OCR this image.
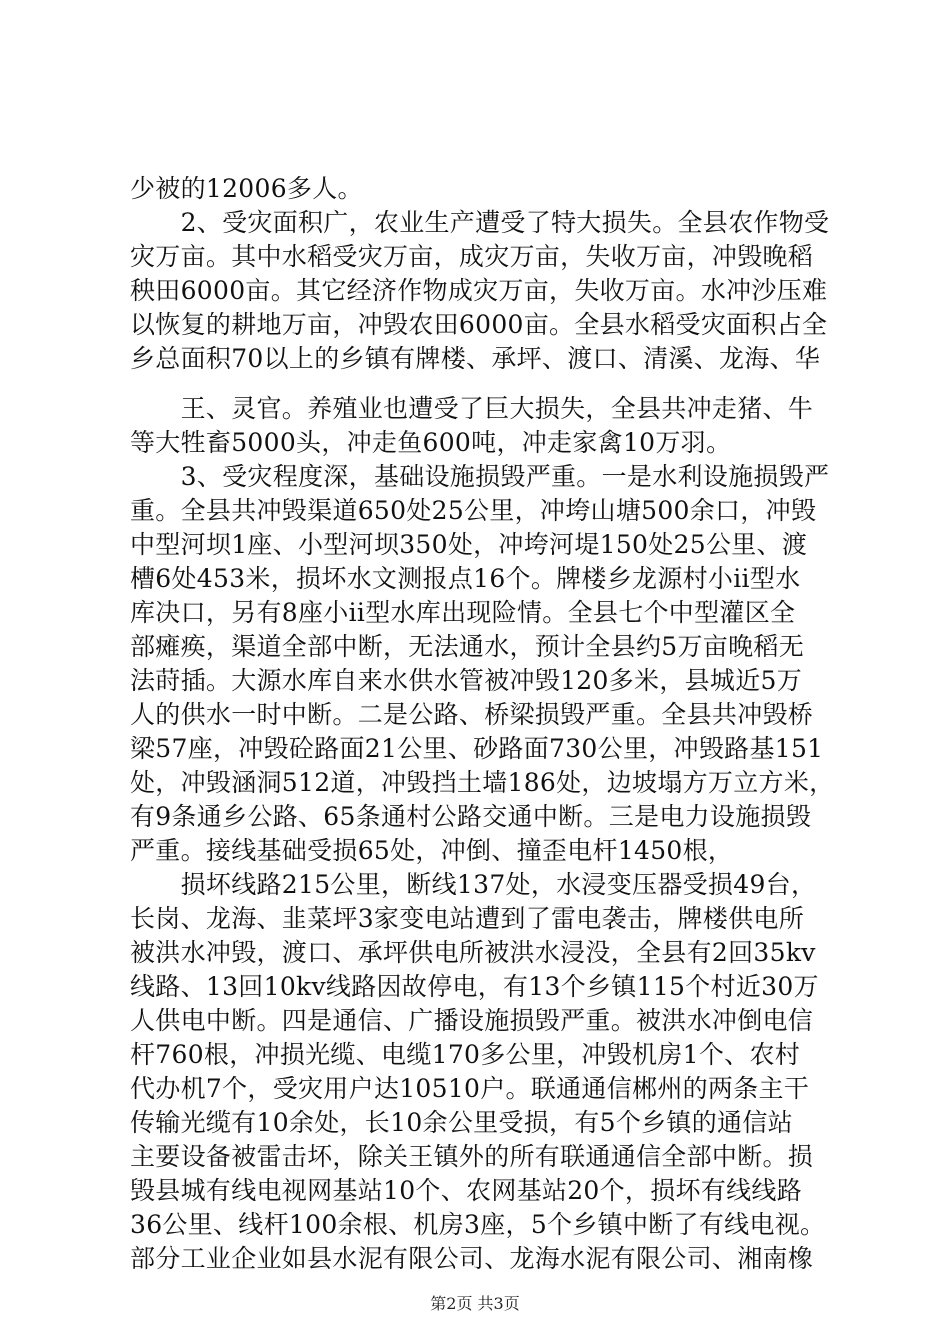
少被的12006多人。
　　2、受灾面积广，农业生产遭受了特大损失。全县农作物受
灾万亩。其中水稻受灾万亩，成灾万亩，失收万亩，冲毁晚稻
秧田6000亩。其它经济作物成灾万亩，失收万亩。水冲沙压难
以恢复的耕地万亩，冲毁农田6000亩。全县水稻受灾面积占全
乡总面积70以上的乡镇有牌楼、承坪、渡口、清溪、龙海、华
　　王、灵官。养殖业也遭受了巨大损失，全县共冲走猪、牛
等大牲畜5000头，冲走鱼600吨，冲走家禽10万羽。
　　3、受灾程度深，基础设施损毁严重。一是水利设施损毁严
重。全县共冲毁渠道650处25公里，冲垮山塘500余口，冲毁
中型河坝1座、小型河坝350处，冲垮河堤150处25公里、渡
槽6处453米，损坏水文测报点16个。牌楼乡龙源村小ii型水
库决口，另有8座小ii型水库出现险情。全县七个中型灌区全
部瘫痪，渠道全部中断，无法通水，预计全县约5万亩晚稻无
法莳插。大源水库自来水供水管被冲毁120多米，县城近5万
人的供水一时中断。二是公路、桥梁损毁严重。全县共冲毁桥
梁57座，冲毁砼路面21公里、砂路面730公里，冲毁路基151
处，冲毁涵洞512道，冲毁挡土墙186处，边坡塌方万立方米，
有9条通乡公路、65条通村公路交通中断。三是电力设施损毁
严重。接线基础受损65处，冲倒、撞歪电杆1450根，
　　损坏线路215公里，断线137处，水浸变压器受损49台，
长岗、龙海、韭菜坪3家变电站遭到了雷电袭击，牌楼供电所
被洪水冲毁，渡口、承坪供电所被洪水浸没，全县有2回35kv
线路、13回10kv线路因故停电，有13个乡镇115个村近30万
人供电中断。四是通信、广播设施损毁严重。被洪水冲倒电信
杆760根，冲损光缆、电缆170多公里，冲毁机房1个、农村
代办机7个，受灾用户达10510户。联通通信郴州的两条主干
传输光缆有10余处，长10余公里受损，有5个乡镇的通信站
主要设备被雷击坏，除关王镇外的所有联通通信全部中断。损
毁县城有线电视网基站10个、农网基站20个，损坏有线线路
36公里、线杆100余根、机房3座，5个乡镇中断了有线电视。
部分工业企业如县水泥有限公司、龙海水泥有限公司、湘南橡
第2页 共3页
